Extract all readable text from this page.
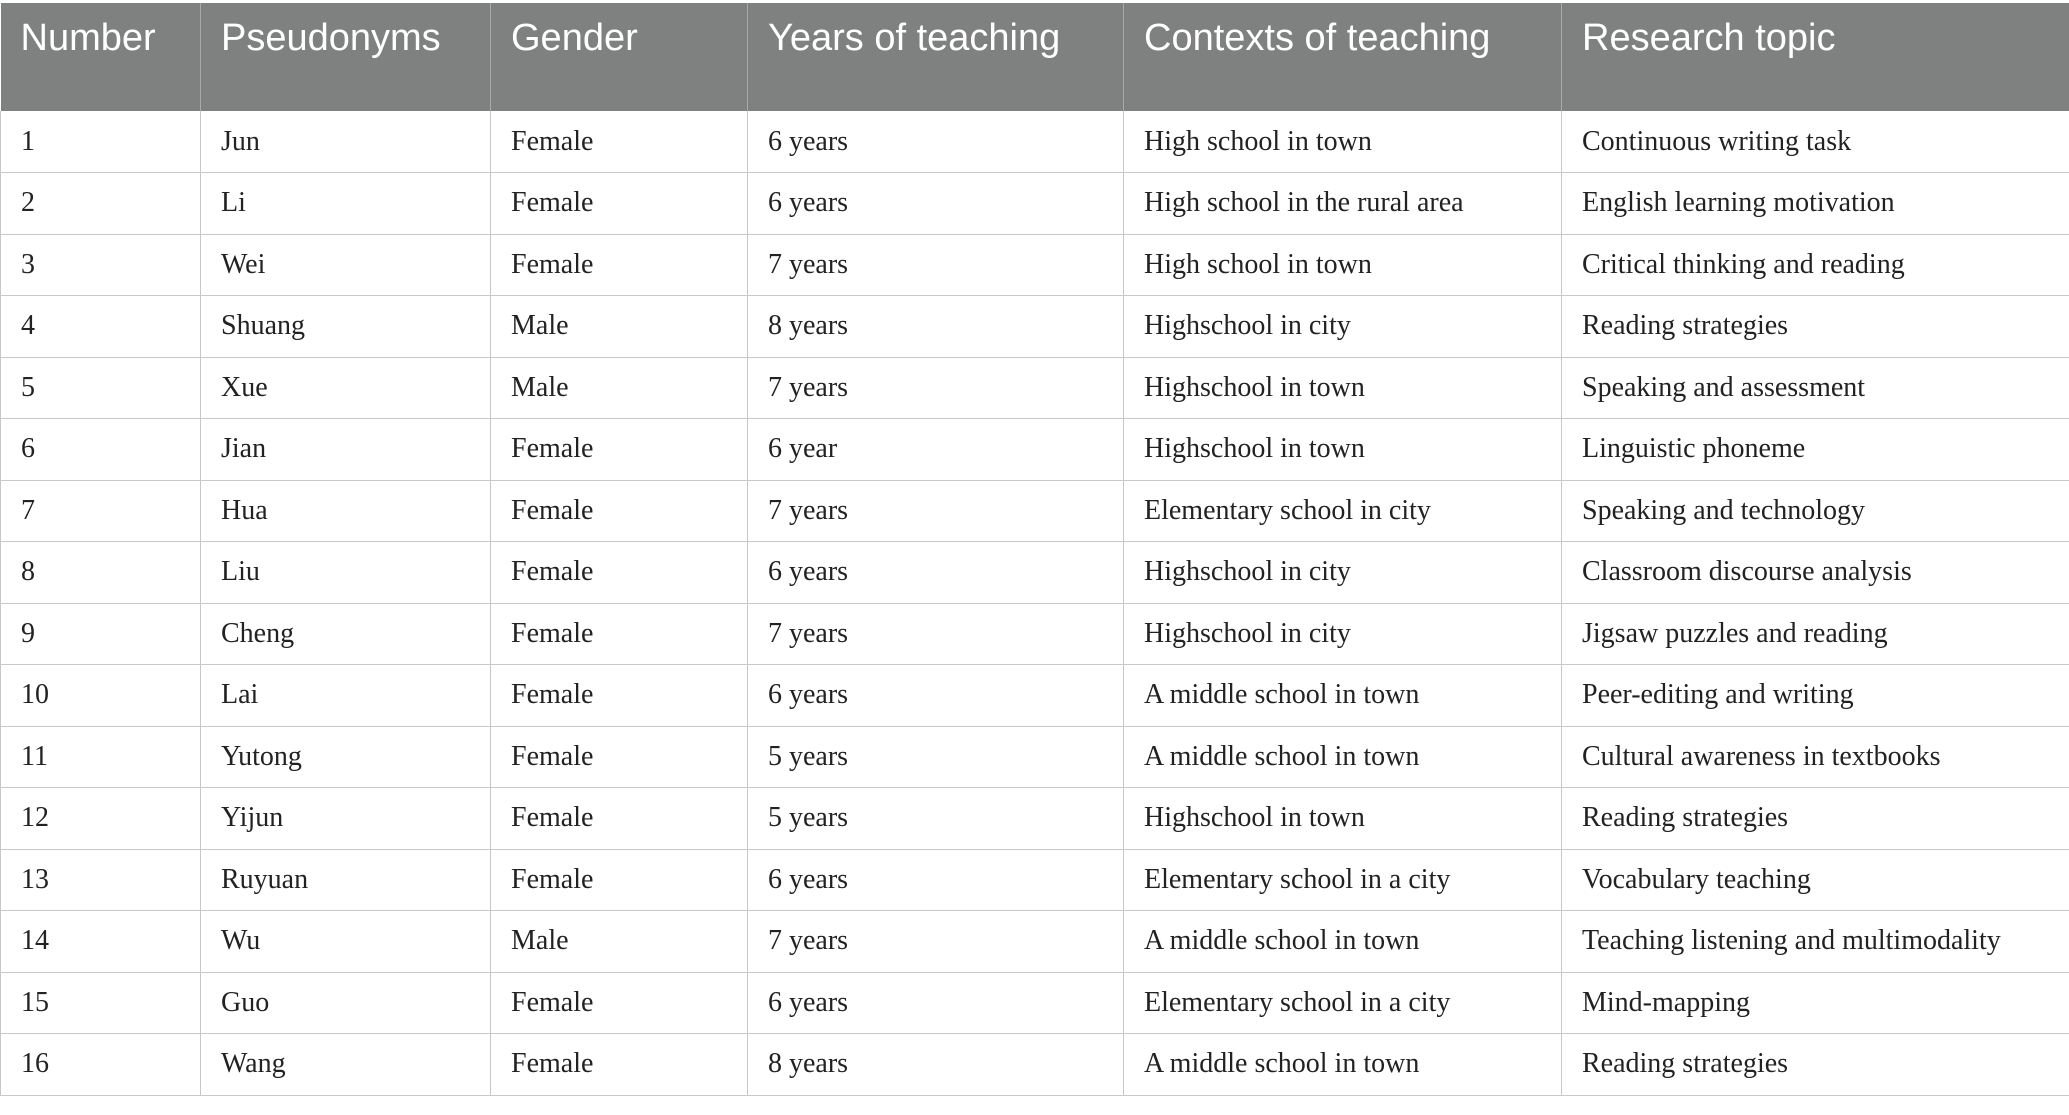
Number	Pseudonyms	Gender	Years of teaching	Contexts of teaching	Research topic
1	Jun	Female	6 years	High school in town	Continuous writing task
2	Li	Female	6 years	High school in the rural area	English learning motivation
3	Wei	Female	7 years	High school in town	Critical thinking and reading
4	Shuang	Male	8 years	Highschool in city	Reading strategies
5	Xue	Male	7 years	Highschool in town	Speaking and assessment
6	Jian	Female	6 year	Highschool in town	Linguistic phoneme
7	Hua	Female	7 years	Elementary school in city	Speaking and technology
8	Liu	Female	6 years	Highschool in city	Classroom discourse analysis
9	Cheng	Female	7 years	Highschool in city	Jigsaw puzzles and reading
10	Lai	Female	6 years	A middle school in town	Peer-editing and writing
11	Yutong	Female	5 years	A middle school in town	Cultural awareness in textbooks
12	Yijun	Female	5 years	Highschool in town	Reading strategies
13	Ruyuan	Female	6 years	Elementary school in a city	Vocabulary teaching
14	Wu	Male	7 years	A middle school in town	Teaching listening and multimodality
15	Guo	Female	6 years	Elementary school in a city	Mind-mapping
16	Wang	Female	8 years	A middle school in town	Reading strategies
